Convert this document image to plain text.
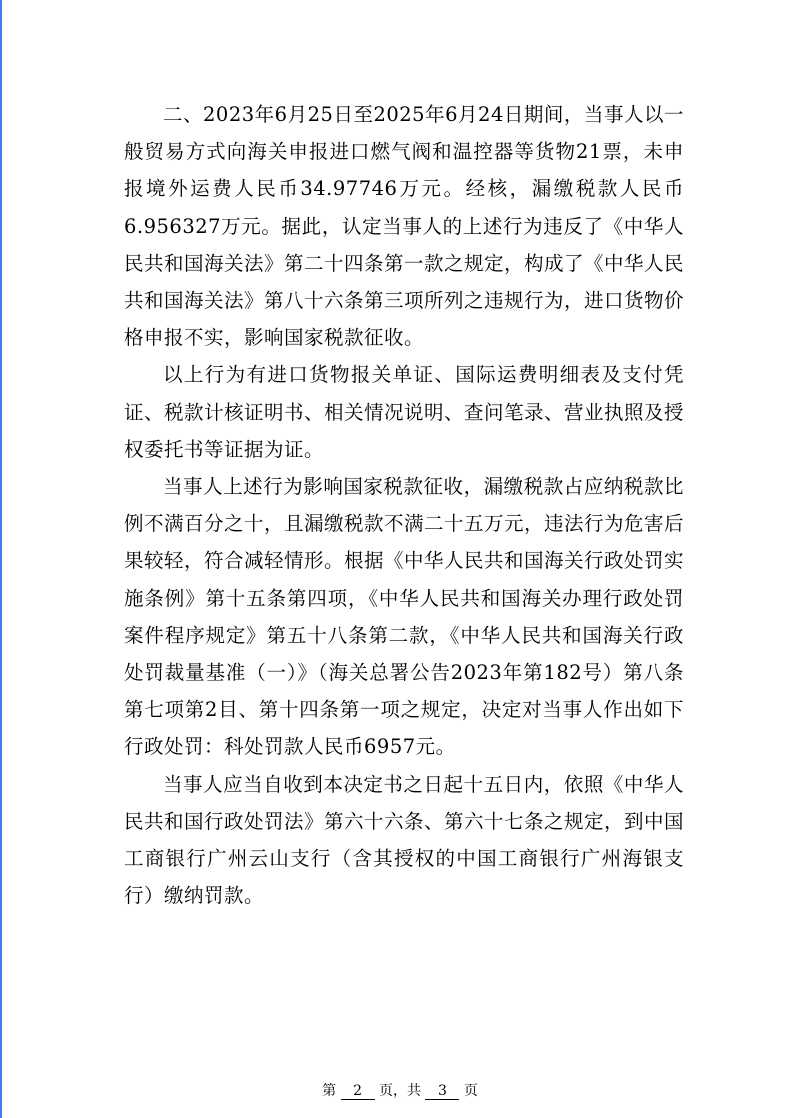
二、2023年6月25日至2025年6月24日期间，当事人以一般贸易方式向海关申报进口燃气阀和温控器等货物21票，未申报境外运费人民币34.97746万元。经核，漏缴税款人民币6.956327万元。据此，认定当事人的上述行为违反了《中华人民共和国海关法》第二十四条第一款之规定，构成了《中华人民共和国海关法》第八十六条第三项所列之违规行为，进口货物价格申报不实，影响国家税款征收。

以上行为有进口货物报关单证、国际运费明细表及支付凭证、税款计核证明书、相关情况说明、查问笔录、营业执照及授权委托书等证据为证。

当事人上述行为影响国家税款征收，漏缴税款占应纳税款比例不满百分之十，且漏缴税款不满二十五万元，违法行为危害后果较轻，符合减轻情形。根据《中华人民共和国海关行政处罚实施条例》第十五条第四项，《中华人民共和国海关办理行政处罚案件程序规定》第五十八条第二款，《中华人民共和国海关行政处罚裁量基准（一）》（海关总署公告2023年第182号）第八条第七项第2目、第十四条第一项之规定，决定对当事人作出如下行政处罚：科处罚款人民币6957元。

当事人应当自收到本决定书之日起十五日内，依照《中华人民共和国行政处罚法》第六十六条、第六十七条之规定，到中国工商银行广州云山支行（含其授权的中国工商银行广州海银支行）缴纳罚款。

第 2 页，共 3 页
